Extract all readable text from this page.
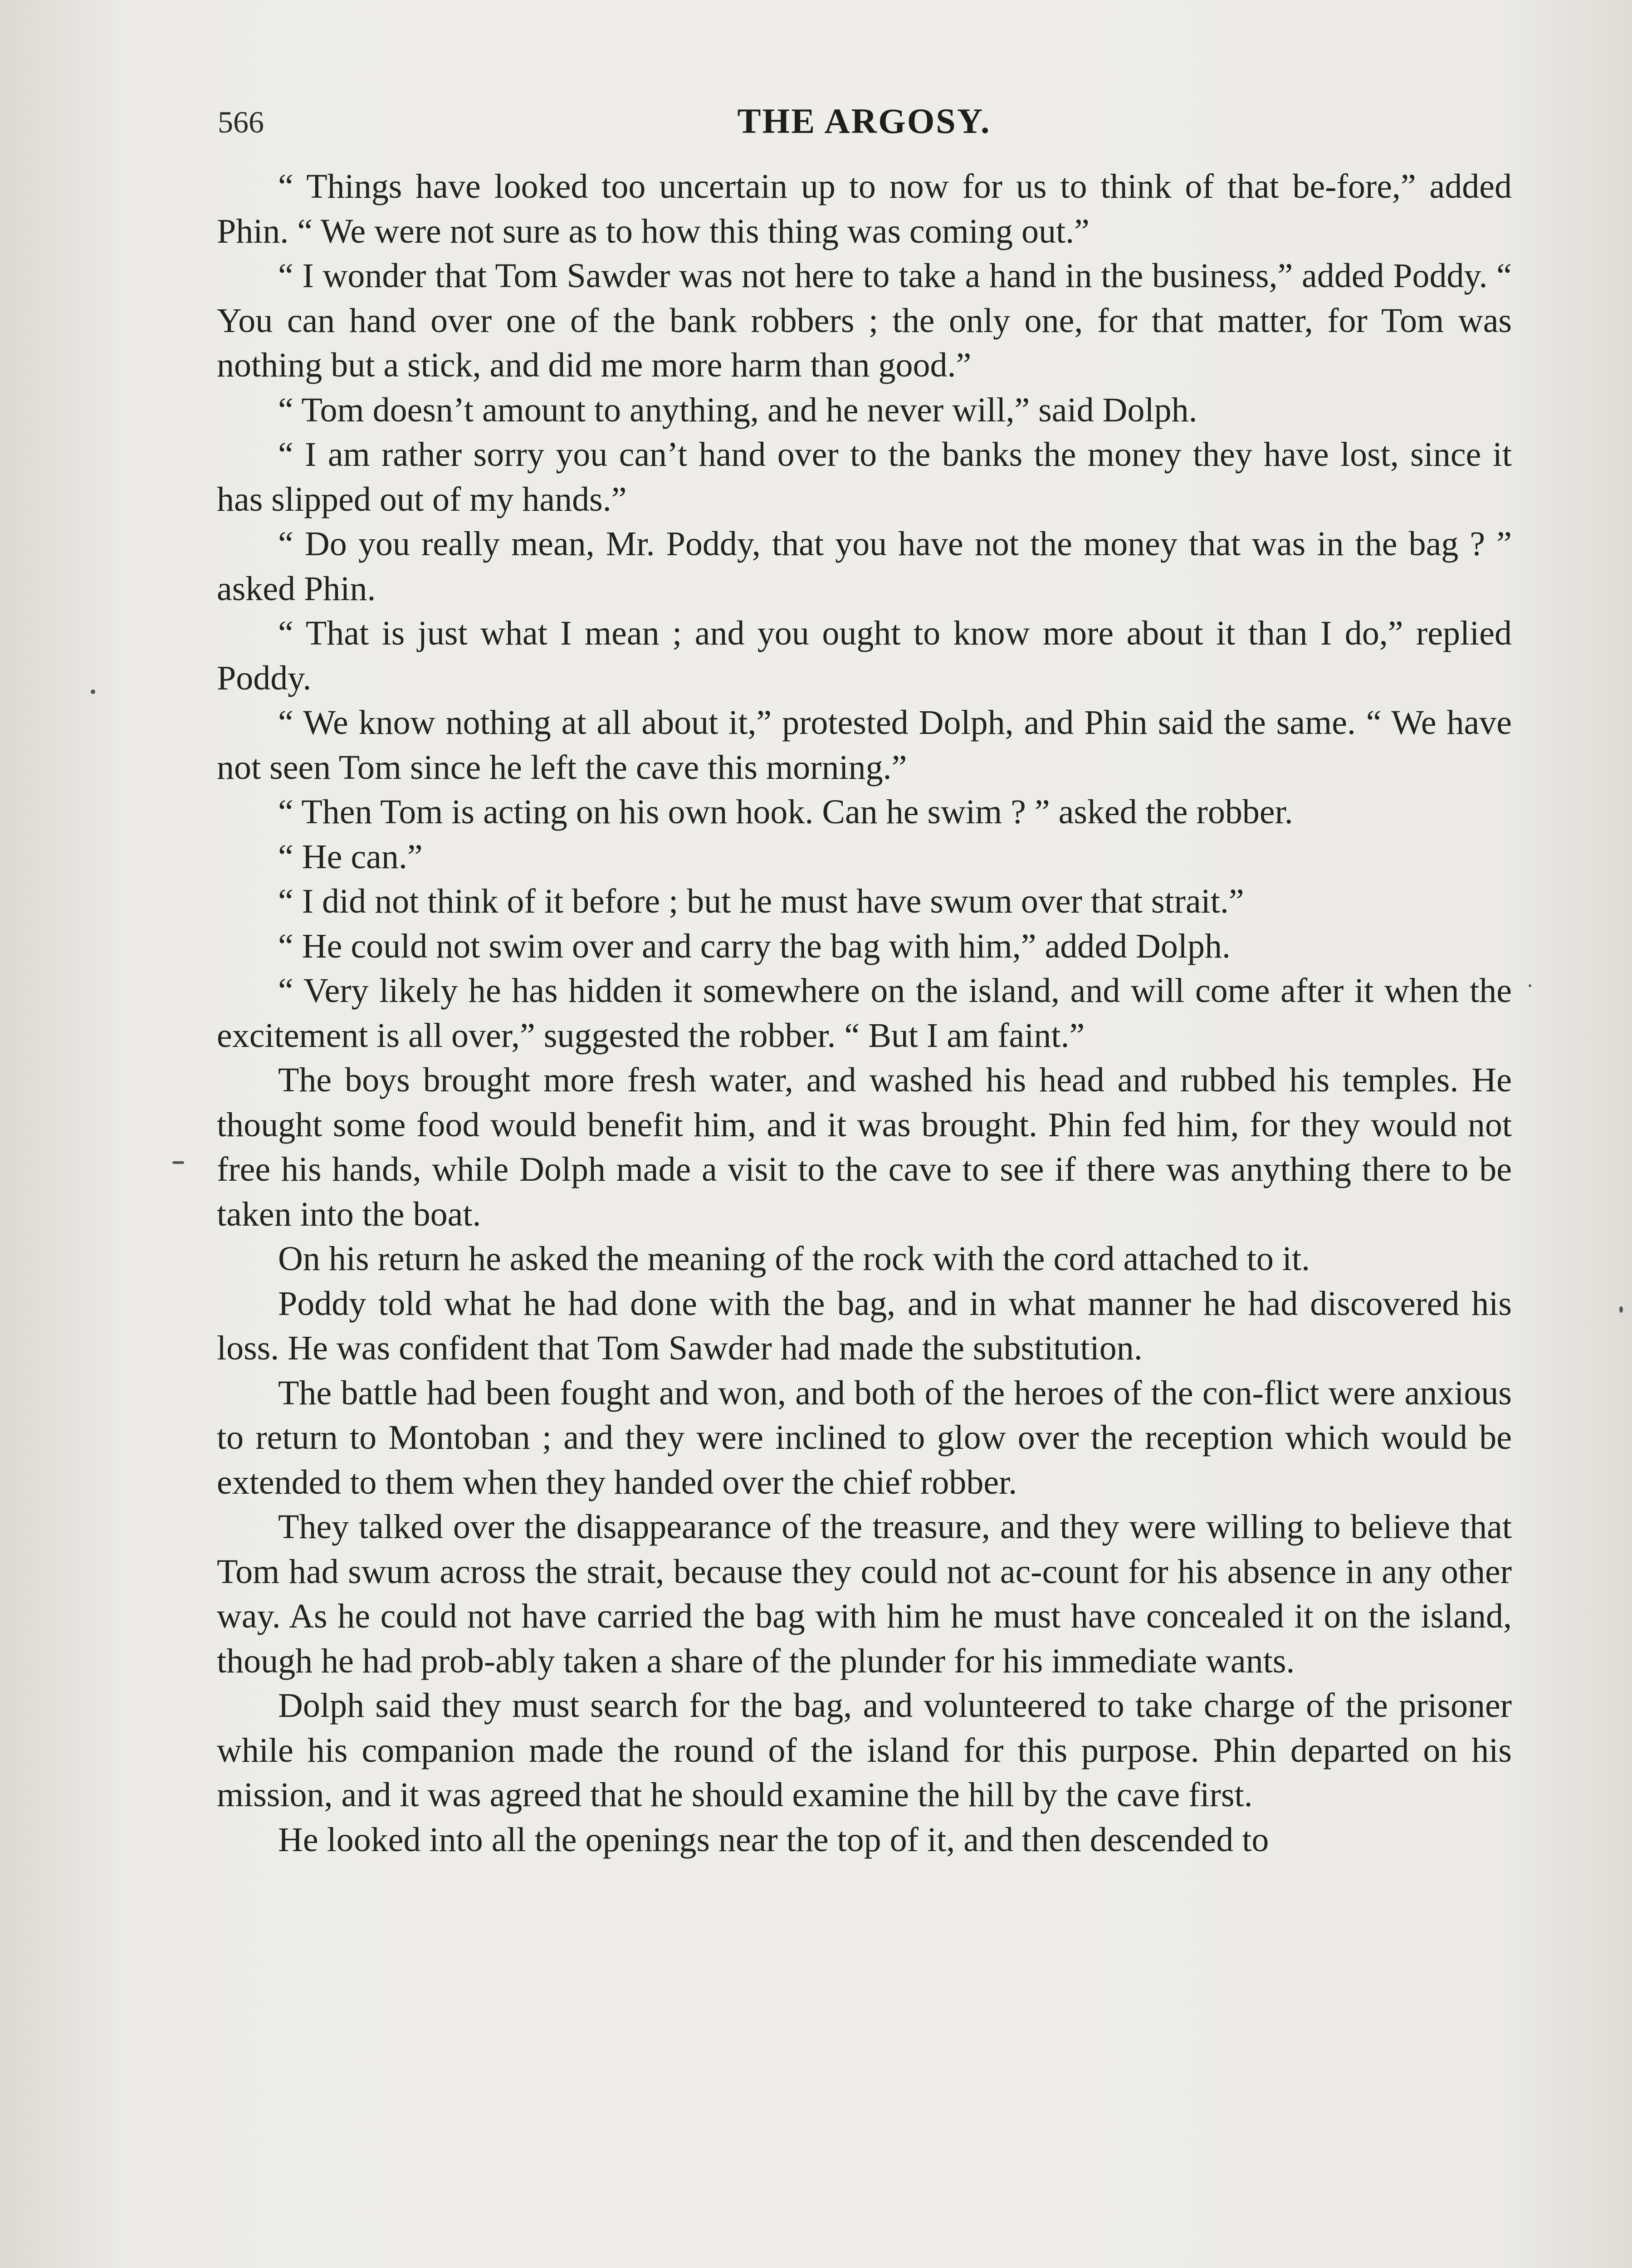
566	THE ARGOSY.

“ Things have looked too uncertain up to now for us to think of that be-fore,” added Phin. “ We were not sure as to how this thing was coming out.”

“ I wonder that Tom Sawder was not here to take a hand in the business,” added Poddy. “ You can hand over one of the bank robbers ; the only one, for that matter, for Tom was nothing but a stick, and did me more harm than good.”

“ Tom doesn’t amount to anything, and he never will,” said Dolph.

“ I am rather sorry you can’t hand over to the banks the money they have lost, since it has slipped out of my hands.”

“ Do you really mean, Mr. Poddy, that you have not the money that was in the bag ? ” asked Phin.

“ That is just what I mean ; and you ought to know more about it than I do,” replied Poddy.

“ We know nothing at all about it,” protested Dolph, and Phin said the same. “ We have not seen Tom since he left the cave this morning.”

“ Then Tom is acting on his own hook. Can he swim ? ” asked the robber.

“ He can.”

“ I did not think of it before ; but he must have swum over that strait.”

“ He could not swim over and carry the bag with him,” added Dolph.

“ Very likely he has hidden it somewhere on the island, and will come after it when the excitement is all over,” suggested the robber. “ But I am faint.”

The boys brought more fresh water, and washed his head and rubbed his temples. He thought some food would benefit him, and it was brought. Phin fed him, for they would not free his hands, while Dolph made a visit to the cave to see if there was anything there to be taken into the boat.

On his return he asked the meaning of the rock with the cord attached to it.

Poddy told what he had done with the bag, and in what manner he had discovered his loss. He was confident that Tom Sawder had made the substitution.

The battle had been fought and won, and both of the heroes of the con-flict were anxious to return to Montoban ; and they were inclined to glow over the reception which would be extended to them when they handed over the chief robber.

They talked over the disappearance of the treasure, and they were willing to believe that Tom had swum across the strait, because they could not ac-count for his absence in any other way. As he could not have carried the bag with him he must have concealed it on the island, though he had prob-ably taken a share of the plunder for his immediate wants.

Dolph said they must search for the bag, and volunteered to take charge of the prisoner while his companion made the round of the island for this purpose. Phin departed on his mission, and it was agreed that he should examine the hill by the cave first.

He looked into all the openings near the top of it, and then descended to
